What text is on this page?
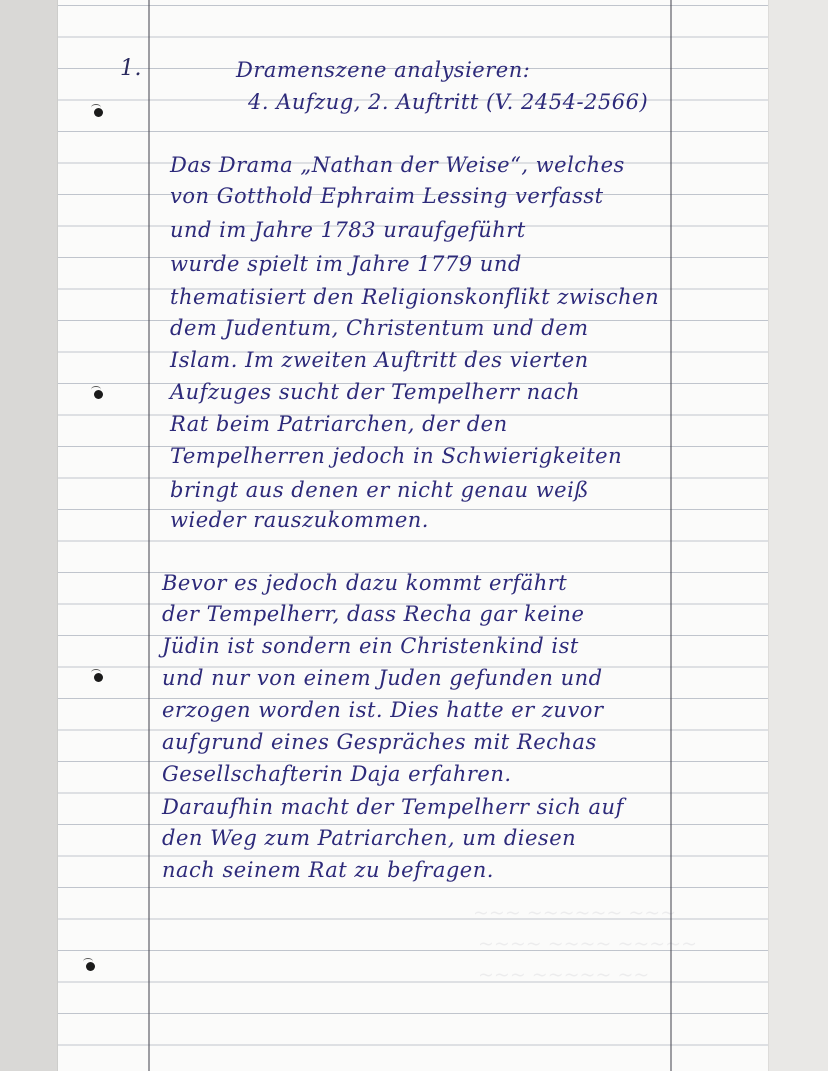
~~~ ~~~~~~ ~~~
~~~~ ~~~~ ~~~~~
~~~ ~~~~~ ~~
1.	Dramenszene analysieren:
4. Aufzug, 2. Auftritt (V. 2454-2566)
Das Drama „Nathan der Weise“, welches
von Gotthold Ephraim Lessing verfasst
und im Jahre 1783 uraufgeführt
wurde spielt im Jahre 1779 und
thematisiert den Religionskonflikt zwischen
dem Judentum, Christentum und dem
Islam. Im zweiten Auftritt des vierten
Aufzuges sucht der Tempelherr nach
Rat beim Patriarchen, der den
Tempelherren jedoch in Schwierigkeiten
bringt aus denen er nicht genau weiß
wieder rauszukommen.
Bevor es jedoch dazu kommt erfährt
der Tempelherr, dass Recha gar keine
Jüdin ist sondern ein Christenkind ist
und nur von einem Juden gefunden und
erzogen worden ist. Dies hatte er zuvor
aufgrund eines Gespräches mit Rechas
Gesellschafterin Daja erfahren.
Daraufhin macht der Tempelherr sich auf
den Weg zum Patriarchen, um diesen
nach seinem Rat zu befragen.
